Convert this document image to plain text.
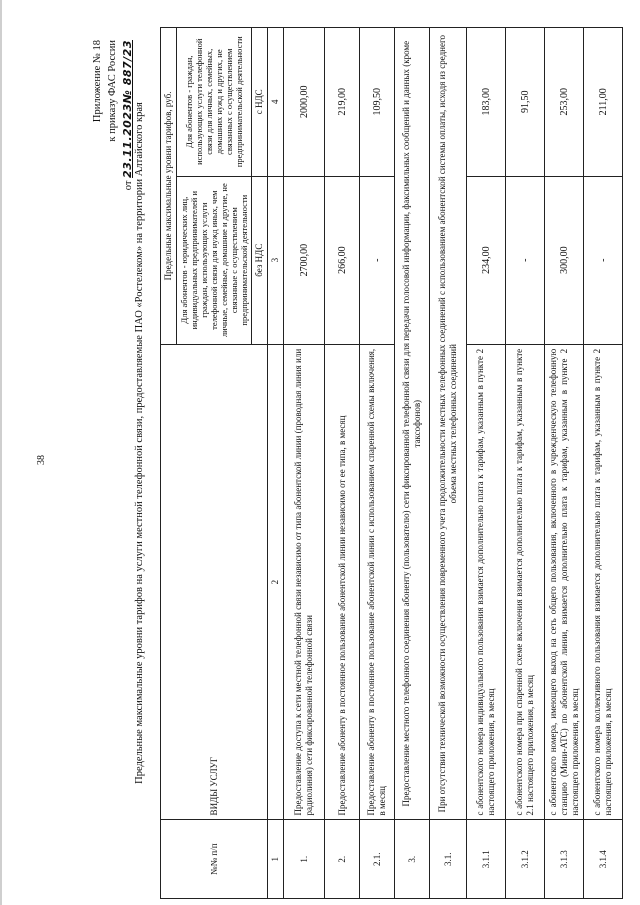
38
Приложение № 18 к приказу ФАС России
от 23.11.2023№ 887/23 Предельные максимальные уровни тарифов на услуги местной телефонной связи, предоставляемые ПАО «Ростелеком» на территории Алтайского края
№№ п/п	ВИДЫ УСЛУГ	Предельные максимальные уровни тарифов, руб.	
		Для абонентов - юридических лиц, индивидуальных предпринимателей и граждан, использующих услуги телефонной связи для нужд иных, чем личные, семейные, домашние и другие, не связанные с осуществлением предпринимательской деятельности	Для абонентов - граждан, использующих услуги телефонной связи для личных, семейных, домашних нужд и других, не связанных с осуществлением предпринимательской деятельности
		без НДС	с НДС
1	2	3	4
1.	Предоставление доступа к сети местной телефонной связи независимо от типа абонентской линии (проводная линия или радиолиния) сети фиксированной телефонной связи	2700,00	2000,00
2.	Предоставление абоненту в постоянное пользование абонентской линии независимо от ее типа, в месяц	266,00	219,00
2.1.	Предоставление абоненту в постоянное пользование абонентской линии с использованием спаренной схемы включения, в месяц	-	109,50
3.	Предоставление местного телефонного соединения абоненту (пользователю) сети фиксированной телефонной связи для передачи голосовой информации, факсимильных сообщений и данных (кроме таксофонов)		
3.1.	При отсутствии технической возможности осуществления повременного учета продолжительности местных телефонных соединений с использованием абонентской системы оплаты, исходя из среднего объема местных телефонных соединений		
3.1.1	с абонентского номера индивидуального пользования взимается дополнительно плата к тарифам, указанным в пункте 2 настоящего приложения, в месяц	234,00	183,00
3.1.2	с абонентского номера при спаренной схеме включения взимается дополнительно плата к тарифам, указанным в пункте 2.1 настоящего приложения, в месяц	-	91,50
3.1.3	с абонентского номера, имеющего выход на сеть общего пользования, включенного в учрежденческую телефонную станцию (Мини-АТС) по абонентской линии, взимается дополнительно плата к тарифам, указанным в пункте 2 настоящего приложения, в месяц	300,00	253,00
3.1.4	с абонентского номера коллективного пользования взимается дополнительно плата к тарифам, указанным в пункте 2 настоящего приложения, в месяц	-	211,00
